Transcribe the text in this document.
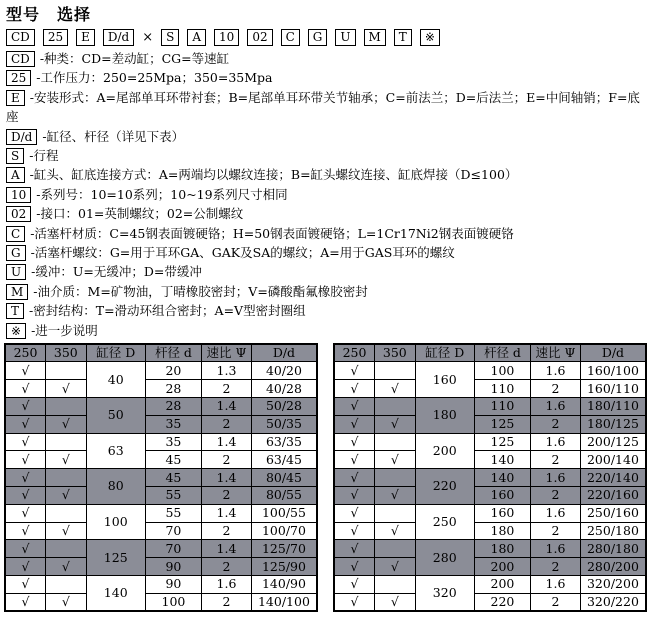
型号　选择
CD	25	E	D/d	×	S	A	10	02	C	G	U	M	T	※
CD -种类：CD=差动缸；CG=等速缸
25 -工作压力：250=25Mpa；350=35Mpa
E -安装形式：A=尾部单耳环带衬套；B=尾部单耳环带关节轴承；C=前法兰；D=后法兰；E=中间轴销；F=底座
D/d -缸径、杆径（详见下表）
S -行程
A -缸头、缸底连接方式：A=两端均以螺纹连接；B=缸头螺纹连接、缸底焊接（D≤100）
10 -系列号：10=10系列；10~19系列尺寸相同
02 -接口：01=英制螺纹；02=公制螺纹
C -活塞杆材质：C=45钢表面镀硬铬；H=50钢表面镀硬铬；L=1Cr17Ni2钢表面镀硬铬
G -活塞杆螺纹：G=用于耳环GA、GAK及SA的螺纹；A=用于GAS耳环的螺纹
U -缓冲：U=无缓冲；D=带缓冲
M -油介质：M=矿物油，丁晴橡胶密封；V=磷酸酯氟橡胶密封
T -密封结构：T=滑动环组合密封；A=V型密封圈组
※ -进一步说明
250	350	缸径 D	杆径 d	速比 Ψ	D/d
√		40	20	1.3	40/20
√	√		28	2	40/28
√		50	28	1.4	50/28
√	√		35	2	50/35
√		63	35	1.4	63/35
√	√		45	2	63/45
√		80	45	1.4	80/45
√	√		55	2	80/55
√		100	55	1.4	100/55
√	√		70	2	100/70
√		125	70	1.4	125/70
√	√		90	2	125/90
√		140	90	1.6	140/90
√	√		100	2	140/100
250	350	缸径 D	杆径 d	速比 Ψ	D/d
√		160	100	1.6	160/100
√	√		110	2	160/110
√		180	110	1.6	180/110
√	√		125	2	180/125
√		200	125	1.6	200/125
√	√		140	2	200/140
√		220	140	1.6	220/140
√	√		160	2	220/160
√		250	160	1.6	250/160
√	√		180	2	250/180
√		280	180	1.6	280/180
√	√		200	2	280/200
√		320	200	1.6	320/200
√	√		220	2	320/220
